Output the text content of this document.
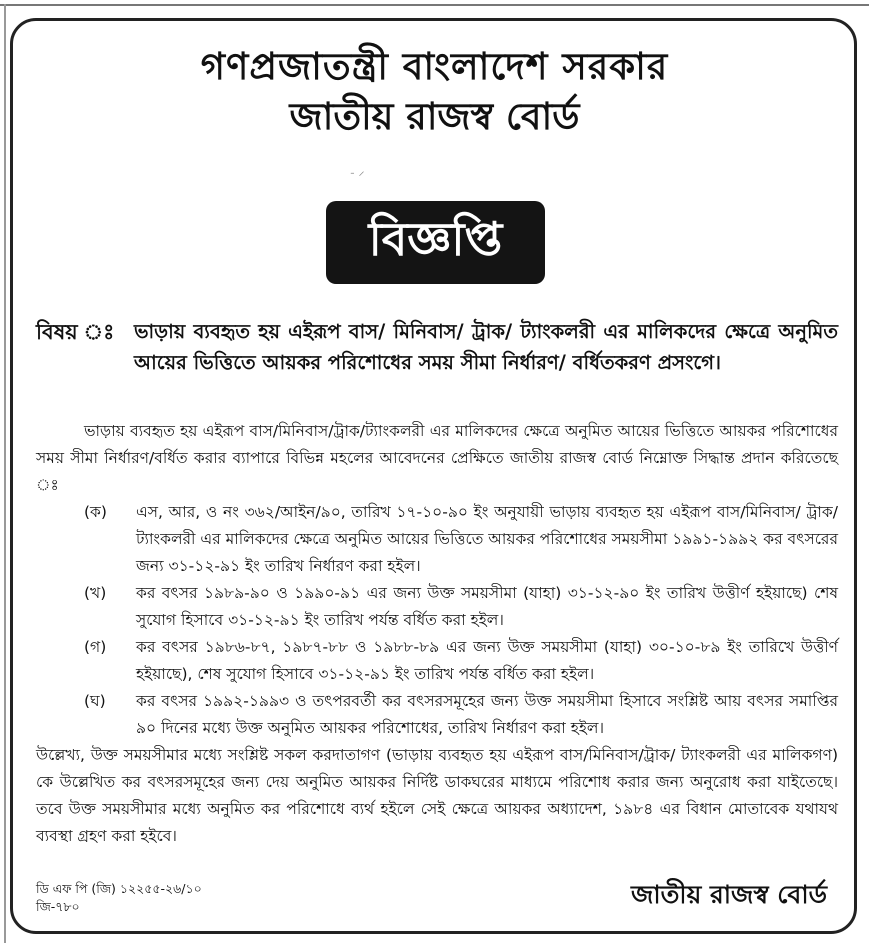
গণপ্রজাতন্ত্রী বাংলাদেশ সরকার
জাতীয় রাজস্ব বোর্ড
ᐨ ⸍
বিজ্ঞপ্তি
বিষয় ঃ ভাড়ায় ব্যবহৃত হয় এইরূপ বাস/ মিনিবাস/ ট্রাক/ ট্যাংকলরী এর মালিকদের ক্ষেত্রে অনুমিত আয়ের ভিত্তিতে আয়কর পরিশোধের সময় সীমা নির্ধারণ/ বর্ধিতকরণ প্রসংগে।

ভাড়ায় ব্যবহৃত হয় এইরূপ বাস/মিনিবাস/ট্রাক/ট্যাংকলরী এর মালিকদের ক্ষেত্রে অনুমিত আয়ের ভিত্তিতে আয়কর পরিশোধের সময় সীমা নির্ধারণ/বর্ধিত করার ব্যাপারে বিভিন্ন মহলের আবেদনের প্রেক্ষিতে জাতীয় রাজস্ব বোর্ড নিম্নোক্ত সিদ্ধান্ত প্রদান করিতেছে ঃ

(ক)	এস, আর, ও নং ৩৬২/আইন/৯০, তারিখ ১৭-১০-৯০ ইং অনুযায়ী ভাড়ায় ব্যবহৃত হয় এইরূপ বাস/মিনিবাস/ ট্রাক/ট্যাংকলরী এর মালিকদের ক্ষেত্রে অনুমিত আয়ের ভিত্তিতে আয়কর পরিশোধের সময়সীমা ১৯৯১-১৯৯২ কর বৎসরের জন্য ৩১-১২-৯১ ইং তারিখ নির্ধারণ করা হইল।

(খ)	কর বৎসর ১৯৮৯-৯০ ও ১৯৯০-৯১ এর জন্য উক্ত সময়সীমা (যাহা) ৩১-১২-৯০ ইং তারিখ উত্তীর্ণ হইয়াছে) শেষ সুযোগ হিসাবে ৩১-১২-৯১ ইং তারিখ পর্যন্ত বর্ধিত করা হইল।

(গ)	কর বৎসর ১৯৮৬-৮৭, ১৯৮৭-৮৮ ও ১৯৮৮-৮৯ এর জন্য উক্ত সময়সীমা (যাহা) ৩০-১০-৮৯ ইং তারিখে উত্তীর্ণ হইয়াছে), শেষ সুযোগ হিসাবে ৩১-১২-৯১ ইং তারিখ পর্যন্ত বর্ধিত করা হইল।

(ঘ)	কর বৎসর ১৯৯২-১৯৯৩ ও তৎপরবর্তী কর বৎসরসমূহের জন্য উক্ত সময়সীমা হিসাবে সংশ্লিষ্ট আয় বৎসর সমাপ্তির ৯০ দিনের মধ্যে উক্ত অনুমিত আয়কর পরিশোধের, তারিখ নির্ধারণ করা হইল।

উল্লেখ্য, উক্ত সময়সীমার মধ্যে সংশ্লিষ্ট সকল করদাতাগণ (ভাড়ায় ব্যবহৃত হয় এইরূপ বাস/মিনিবাস/ট্রাক/ ট্যাংকলরী এর মালিকগণ) কে উল্লেখিত কর বৎসরসমূহের জন্য দেয় অনুমিত আয়কর নির্দিষ্ট ডাকঘরের মাধ্যমে পরিশোধ করার জন্য অনুরোধ করা যাইতেছে। তবে উক্ত সময়সীমার মধ্যে অনুমিত কর পরিশোধে ব্যর্থ হইলে সেই ক্ষেত্রে আয়কর অধ্যাদেশ, ১৯৮৪ এর বিধান মোতাবেক যথাযথ ব্যবস্থা গ্রহণ করা হইবে।

ডি এফ পি (জি) ১২২৫৫-২৬/১০
জি-৭৮০	জাতীয় রাজস্ব বোর্ড
